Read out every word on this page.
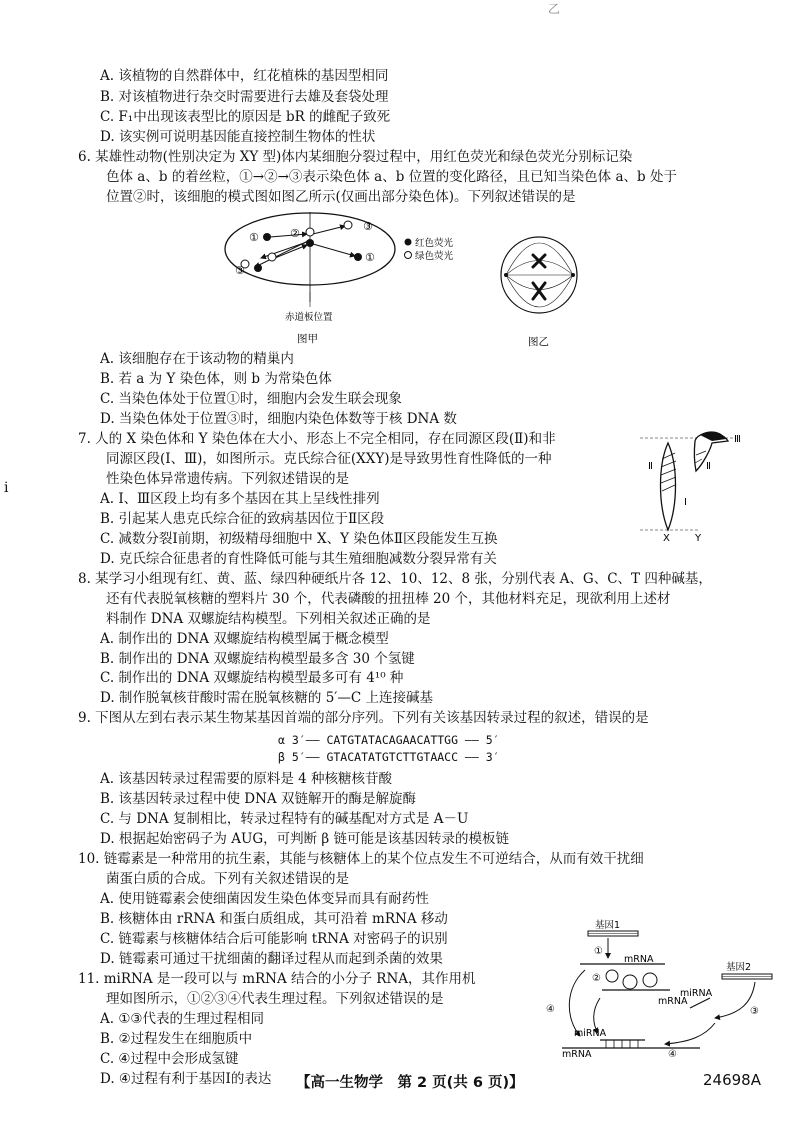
乙
i
A. 该植物的自然群体中，红花植株的基因型相同
B. 对该植物进行杂交时需要进行去雄及套袋处理
C. F₁中出现该表型比的原因是 bR 的雌配子致死
D. 该实例可说明基因能直接控制生物体的性状
6. 某雄性动物(性别决定为 XY 型)体内某细胞分裂过程中，用红色荧光和绿色荧光分别标记染
色体 a、b 的着丝粒，①→②→③表示染色体 a、b 位置的变化路径，且已知当染色体 a、b 处于
位置②时，该细胞的模式图如图乙所示(仅画出部分染色体)。下列叙述错误的是
①	②
③
①
③
红色荧光
绿色荧光
赤道板位置
图甲	图乙
A. 该细胞存在于该动物的精巢内
B. 若 a 为 Y 染色体，则 b 为常染色体
C. 当染色体处于位置①时，细胞内会发生联会现象
D. 当染色体处于位置③时，细胞内染色体数等于核 DNA 数
7. 人的 X 染色体和 Y 染色体在大小、形态上不完全相同，存在同源区段(Ⅱ)和非
同源区段(Ⅰ、Ⅲ)，如图所示。克氏综合征(XXY)是导致男性育性降低的一种
性染色体异常遗传病。下列叙述错误的是
A. Ⅰ、Ⅲ区段上均有多个基因在其上呈线性排列
B. 引起某人患克氏综合征的致病基因位于Ⅱ区段
C. 减数分裂Ⅰ前期，初级精母细胞中 X、Y 染色体Ⅱ区段能发生互换
D. 克氏综合征患者的育性降低可能与其生殖细胞减数分裂异常有关
Ⅲ
Ⅱ	Ⅱ
Ⅰ
X	Y
8. 某学习小组现有红、黄、蓝、绿四种硬纸片各 12、10、12、8 张，分别代表 A、G、C、T 四种碱基，
还有代表脱氧核糖的塑料片 30 个，代表磷酸的扭扭棒 20 个，其他材料充足，现欲利用上述材
料制作 DNA 双螺旋结构模型。下列相关叙述正确的是
A. 制作出的 DNA 双螺旋结构模型属于概念模型
B. 制作出的 DNA 双螺旋结构模型最多含 30 个氢键
C. 制作出的 DNA 双螺旋结构模型最多可有 4¹⁰ 种
D. 制作脱氧核苷酸时需在脱氧核糖的 5′—C 上连接碱基
9. 下图从左到右表示某生物某基因首端的部分序列。下列有关该基因转录过程的叙述，错误的是
α 3′—— CATGTATACAGAACATTGG —— 5′
β 5′—— GTACATATGTCTTGTAACC —— 3′
A. 该基因转录过程需要的原料是 4 种核糖核苷酸
B. 该基因转录过程中使 DNA 双链解开的酶是解旋酶
C. 与 DNA 复制相比，转录过程特有的碱基配对方式是 A－U
D. 根据起始密码子为 AUG，可判断 β 链可能是该基因转录的模板链
10. 链霉素是一种常用的抗生素，其能与核糖体上的某个位点发生不可逆结合，从而有效干扰细
菌蛋白质的合成。下列有关叙述错误的是
A. 使用链霉素会使细菌因发生染色体变异而具有耐药性
B. 核糖体由 rRNA 和蛋白质组成，其可沿着 mRNA 移动
C. 链霉素与核糖体结合后可能影响 tRNA 对密码子的识别
D. 链霉素可通过干扰细菌的翻译过程从而起到杀菌的效果
11. miRNA 是一段可以与 mRNA 结合的小分子 RNA，其作用机
理如图所示，①②③④代表生理过程。下列叙述错误的是
A. ①③代表的生理过程相同
B. ②过程发生在细胞质中
C. ④过程中会形成氢键
D. ④过程有利于基因Ⅰ的表达
基因1
①
mRNA
②
mRNA
miRNA
基因2
③
④
miRNA
mRNA	④
【高一生物学　第 2 页(共 6 页)】	24698A
